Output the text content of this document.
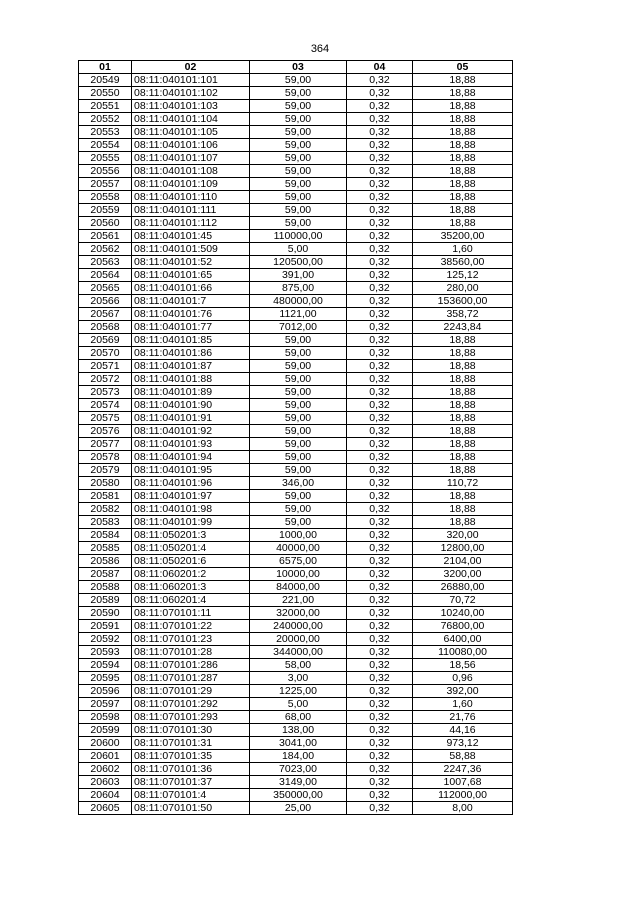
364
01	02	03	04	05
20549	08:11:040101:101	59,00	0,32	18,88
20550	08:11:040101:102	59,00	0,32	18,88
20551	08:11:040101:103	59,00	0,32	18,88
20552	08:11:040101:104	59,00	0,32	18,88
20553	08:11:040101:105	59,00	0,32	18,88
20554	08:11:040101:106	59,00	0,32	18,88
20555	08:11:040101:107	59,00	0,32	18,88
20556	08:11:040101:108	59,00	0,32	18,88
20557	08:11:040101:109	59,00	0,32	18,88
20558	08:11:040101:110	59,00	0,32	18,88
20559	08:11:040101:111	59,00	0,32	18,88
20560	08:11:040101:112	59,00	0,32	18,88
20561	08:11:040101:45	110000,00	0,32	35200,00
20562	08:11:040101:509	5,00	0,32	1,60
20563	08:11:040101:52	120500,00	0,32	38560,00
20564	08:11:040101:65	391,00	0,32	125,12
20565	08:11:040101:66	875,00	0,32	280,00
20566	08:11:040101:7	480000,00	0,32	153600,00
20567	08:11:040101:76	1121,00	0,32	358,72
20568	08:11:040101:77	7012,00	0,32	2243,84
20569	08:11:040101:85	59,00	0,32	18,88
20570	08:11:040101:86	59,00	0,32	18,88
20571	08:11:040101:87	59,00	0,32	18,88
20572	08:11:040101:88	59,00	0,32	18,88
20573	08:11:040101:89	59,00	0,32	18,88
20574	08:11:040101:90	59,00	0,32	18,88
20575	08:11:040101:91	59,00	0,32	18,88
20576	08:11:040101:92	59,00	0,32	18,88
20577	08:11:040101:93	59,00	0,32	18,88
20578	08:11:040101:94	59,00	0,32	18,88
20579	08:11:040101:95	59,00	0,32	18,88
20580	08:11:040101:96	346,00	0,32	110,72
20581	08:11:040101:97	59,00	0,32	18,88
20582	08:11:040101:98	59,00	0,32	18,88
20583	08:11:040101:99	59,00	0,32	18,88
20584	08:11:050201:3	1000,00	0,32	320,00
20585	08:11:050201:4	40000,00	0,32	12800,00
20586	08:11:050201:6	6575,00	0,32	2104,00
20587	08:11:060201:2	10000,00	0,32	3200,00
20588	08:11:060201:3	84000,00	0,32	26880,00
20589	08:11:060201:4	221,00	0,32	70,72
20590	08:11:070101:11	32000,00	0,32	10240,00
20591	08:11:070101:22	240000,00	0,32	76800,00
20592	08:11:070101:23	20000,00	0,32	6400,00
20593	08:11:070101:28	344000,00	0,32	110080,00
20594	08:11:070101:286	58,00	0,32	18,56
20595	08:11:070101:287	3,00	0,32	0,96
20596	08:11:070101:29	1225,00	0,32	392,00
20597	08:11:070101:292	5,00	0,32	1,60
20598	08:11:070101:293	68,00	0,32	21,76
20599	08:11:070101:30	138,00	0,32	44,16
20600	08:11:070101:31	3041,00	0,32	973,12
20601	08:11:070101:35	184,00	0,32	58,88
20602	08:11:070101:36	7023,00	0,32	2247,36
20603	08:11:070101:37	3149,00	0,32	1007,68
20604	08:11:070101:4	350000,00	0,32	112000,00
20605	08:11:070101:50	25,00	0,32	8,00
